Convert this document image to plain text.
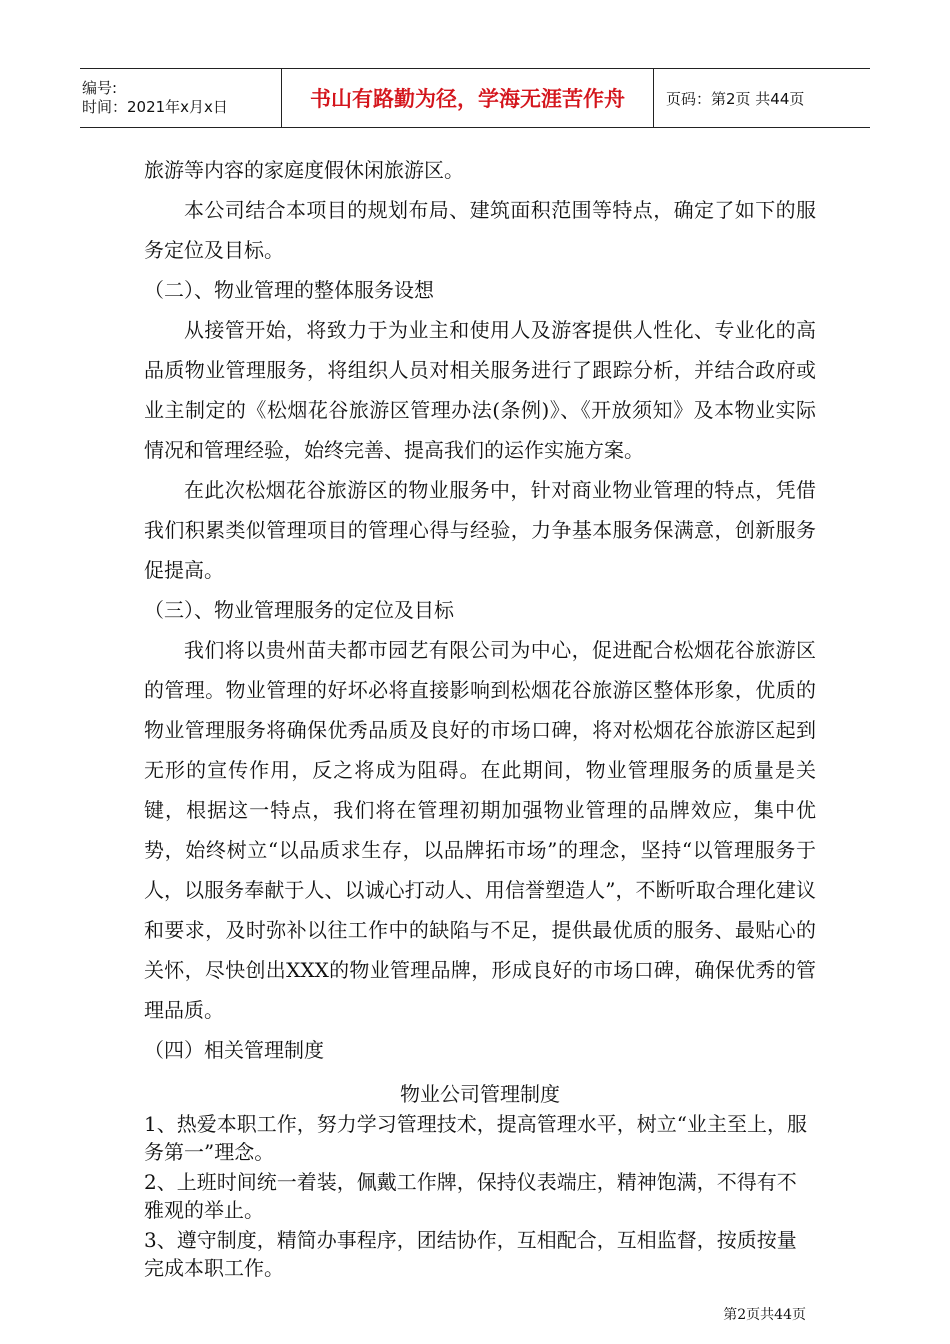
编号:
时间：2021年x月x日	书山有路勤为径，学海无涯苦作舟	页码：第2页 共44页

旅游等内容的家庭度假休闲旅游区。

本公司结合本项目的规划布局、建筑面积范围等特点，确定了如下的服务定位及目标。

（二）、物业管理的整体服务设想

从接管开始，将致力于为业主和使用人及游客提供人性化、专业化的高品质物业管理服务，将组织人员对相关服务进行了跟踪分析，并结合政府或业主制定的《松烟花谷旅游区管理办法(条例)》、《开放须知》及本物业实际情况和管理经验，始终完善、提高我们的运作实施方案。

在此次松烟花谷旅游区的物业服务中，针对商业物业管理的特点，凭借我们积累类似管理项目的管理心得与经验，力争基本服务保满意，创新服务促提高。

（三）、物业管理服务的定位及目标

我们将以贵州苗夫都市园艺有限公司为中心，促进配合松烟花谷旅游区的管理。物业管理的好坏必将直接影响到松烟花谷旅游区整体形象，优质的物业管理服务将确保优秀品质及良好的市场口碑，将对松烟花谷旅游区起到无形的宣传作用，反之将成为阻碍。在此期间，物业管理服务的质量是关键，根据这一特点，我们将在管理初期加强物业管理的品牌效应，集中优势，始终树立“以品质求生存，以品牌拓市场”的理念，坚持“以管理服务于人，以服务奉献于人、以诚心打动人、用信誉塑造人”，不断听取合理化建议和要求，及时弥补以往工作中的缺陷与不足，提供最优质的服务、最贴心的关怀，尽快创出XXX的物业管理品牌，形成良好的市场口碑，确保优秀的管理品质。

（四）相关管理制度

物业公司管理制度

1、热爱本职工作，努力学习管理技术，提高管理水平，树立“业主至上，服务第一”理念。

2、上班时间统一着装，佩戴工作牌，保持仪表端庄，精神饱满，不得有不雅观的举止。

3、遵守制度，精简办事程序，团结协作，互相配合，互相监督，按质按量完成本职工作。

第2页共44页
